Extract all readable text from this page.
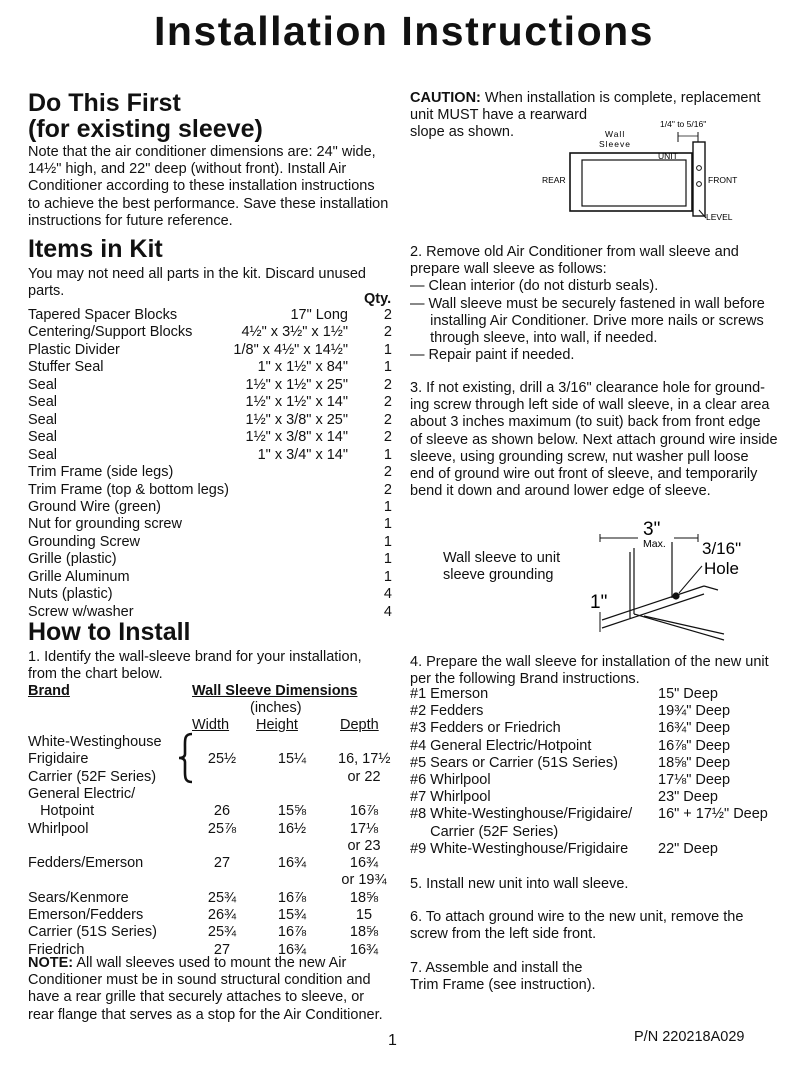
Installation Instructions
Do This First
(for existing sleeve)
Note that the air conditioner dimensions are: 24" wide,
14½" high, and 22" deep (without front). Install Air
Conditioner according to these installation instructions
to achieve the best performance. Save these installation
instructions for future reference.
Items in Kit
You may not need all parts in the kit. Discard unused
parts.	Qty.
Tapered Spacer Blocks	17" Long 2
Centering/Support Blocks	4½" x 3½" x 1½" 2
Plastic Divider	1/8" x 4½" x 14½" 1
Stuffer Seal	1" x 1½" x 84" 1
Seal	1½" x 1½" x 25" 2
Seal	1½" x 1½" x 14" 2
Seal	1½" x 3/8" x 25" 2
Seal	1½" x 3/8" x 14" 2
Seal	1" x 3/4" x 14" 1
Trim Frame (side legs)	2
Trim Frame (top & bottom legs)	2
Ground Wire (green)	1
Nut for grounding screw	1
Grounding Screw	1
Grille (plastic)	1
Grille Aluminum	1
Nuts (plastic)	4
Screw w/washer	4
How to Install
1. Identify the wall-sleeve brand for your installation,
from the chart below.
Brand	Wall Sleeve Dimensions
(inches)
Width Height	Depth
White-Westinghouse
Frigidaire	25½	15¼	16, 17½
Carrier (52F Series)	or 22
General Electric/
Hotpoint	26	15⅝	16⅞
Whirlpool	25⅞	16½	17⅛
or 23
Fedders/Emerson	27	16¾	16¾
or 19¾
Sears/Kenmore	25¾	16⅞	18⅝
Emerson/Fedders	26¾	15¾	15
Carrier (51S Series)	25¾	16⅞	18⅝
Friedrich	27	16¾	16¾
NOTE: All wall sleeves used to mount the new Air
Conditioner must be in sound structural condition and
have a rear grille that securely attaches to sleeve, or
rear flange that serves as a stop for the Air Conditioner.
CAUTION: When installation is complete, replacement
unit MUST have a rearward
slope as shown.
1/4" to 5/16"
Wall
Sleeve
UNIT
REAR	FRONT
LEVEL
2. Remove old Air Conditioner from wall sleeve and
prepare wall sleeve as follows:
— Clean interior (do not disturb seals).
— Wall sleeve must be securely fastened in wall before
installing Air Conditioner. Drive more nails or screws
through sleeve, into wall, if needed.
— Repair paint if needed.
3. If not existing, drill a 3/16" clearance hole for ground-
ing screw through left side of wall sleeve, in a clear area
about 3 inches maximum (to suit) back from front edge
of sleeve as shown below. Next attach ground wire inside
sleeve, using grounding screw, nut washer pull loose
end of ground wire out front of sleeve, and temporarily
bend it down and around lower edge of sleeve.
Wall sleeve to unit
sleeve grounding
3"
Max. 3/16"
Hole
1"
4. Prepare the wall sleeve for installation of the new unit
per the following Brand instructions.
#1 Emerson	15" Deep
#2 Fedders	19¾" Deep
#3 Fedders or Friedrich	16¾" Deep
#4 General Electric/Hotpoint	16⅞" Deep
#5 Sears or Carrier (51S Series)	18⅝" Deep
#6 Whirlpool	17⅛" Deep
#7 Whirlpool	23" Deep
#8 White-Westinghouse/Frigidaire/ 16" + 17½" Deep
Carrier (52F Series)
#9 White-Westinghouse/Frigidaire 22" Deep
5. Install new unit into wall sleeve.
6. To attach ground wire to the new unit, remove the
screw from the left side front.
7. Assemble and install the
Trim Frame (see instruction).
1	P/N 220218A029
